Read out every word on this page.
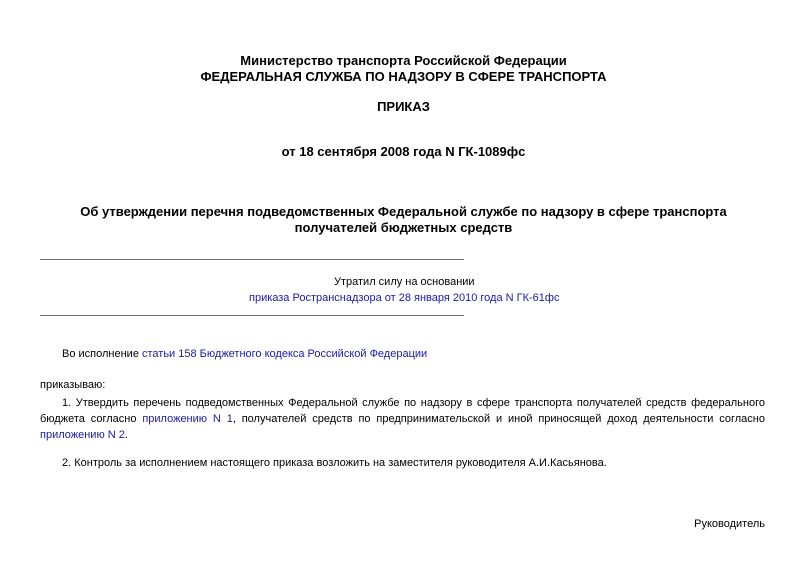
Министерство транспорта Российской Федерации
ФЕДЕРАЛЬНАЯ СЛУЖБА ПО НАДЗОРУ В СФЕРЕ ТРАНСПОРТА
ПРИКАЗ
от 18 сентября 2008 года N ГК-1089фс
Об утверждении перечня подведомственных Федеральной службе по надзору в сфере транспорта
получателей бюджетных средств
Утратил силу на основании
приказа Ространснадзора от 28 января 2010 года N ГК-61фс
Во исполнение статьи 158 Бюджетного кодекса Российской Федерации
приказываю:
1. Утвердить перечень подведомственных Федеральной службе по надзору в сфере транспорта получателей средств федерального бюджета согласно приложению N 1, получателей средств по предпринимательской и иной приносящей доход деятельности согласно приложению N 2.
2. Контроль за исполнением настоящего приказа возложить на заместителя руководителя А.И.Касьянова.
Руководитель
